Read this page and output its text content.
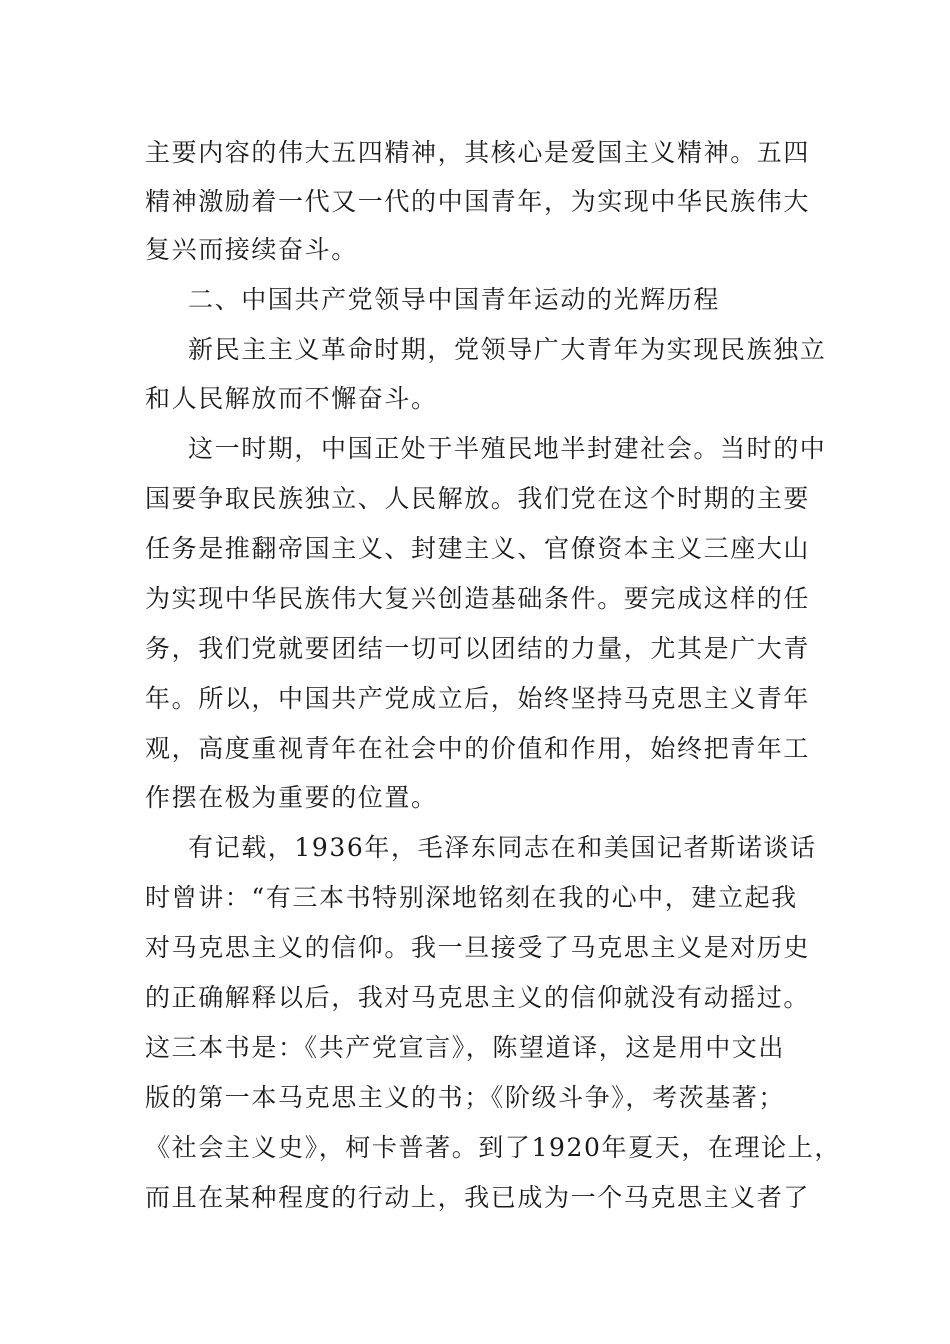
主要内容的伟大五四精神，其核心是爱国主义精神。五四
精神激励着一代又一代的中国青年，为实现中华民族伟大
复兴而接续奋斗。
二、中国共产党领导中国青年运动的光辉历程
新民主主义革命时期，党领导广大青年为实现民族独立
和人民解放而不懈奋斗。
这一时期，中国正处于半殖民地半封建社会。当时的中
国要争取民族独立、人民解放。我们党在这个时期的主要
任务是推翻帝国主义、封建主义、官僚资本主义三座大山
为实现中华民族伟大复兴创造基础条件。要完成这样的任
务，我们党就要团结一切可以团结的力量，尤其是广大青
年。所以，中国共产党成立后，始终坚持马克思主义青年
观，高度重视青年在社会中的价值和作用，始终把青年工
作摆在极为重要的位置。
有记载，1936年，毛泽东同志在和美国记者斯诺谈话
时曾讲：“有三本书特别深地铭刻在我的心中，建立起我
对马克思主义的信仰。我一旦接受了马克思主义是对历史
的正确解释以后，我对马克思主义的信仰就没有动摇过。
这三本书是：《共产党宣言》，陈望道译，这是用中文出
版的第一本马克思主义的书；《阶级斗争》，考茨基著；
《社会主义史》，柯卡普著。到了1920年夏天，在理论上，
而且在某种程度的行动上，我已成为一个马克思主义者了
